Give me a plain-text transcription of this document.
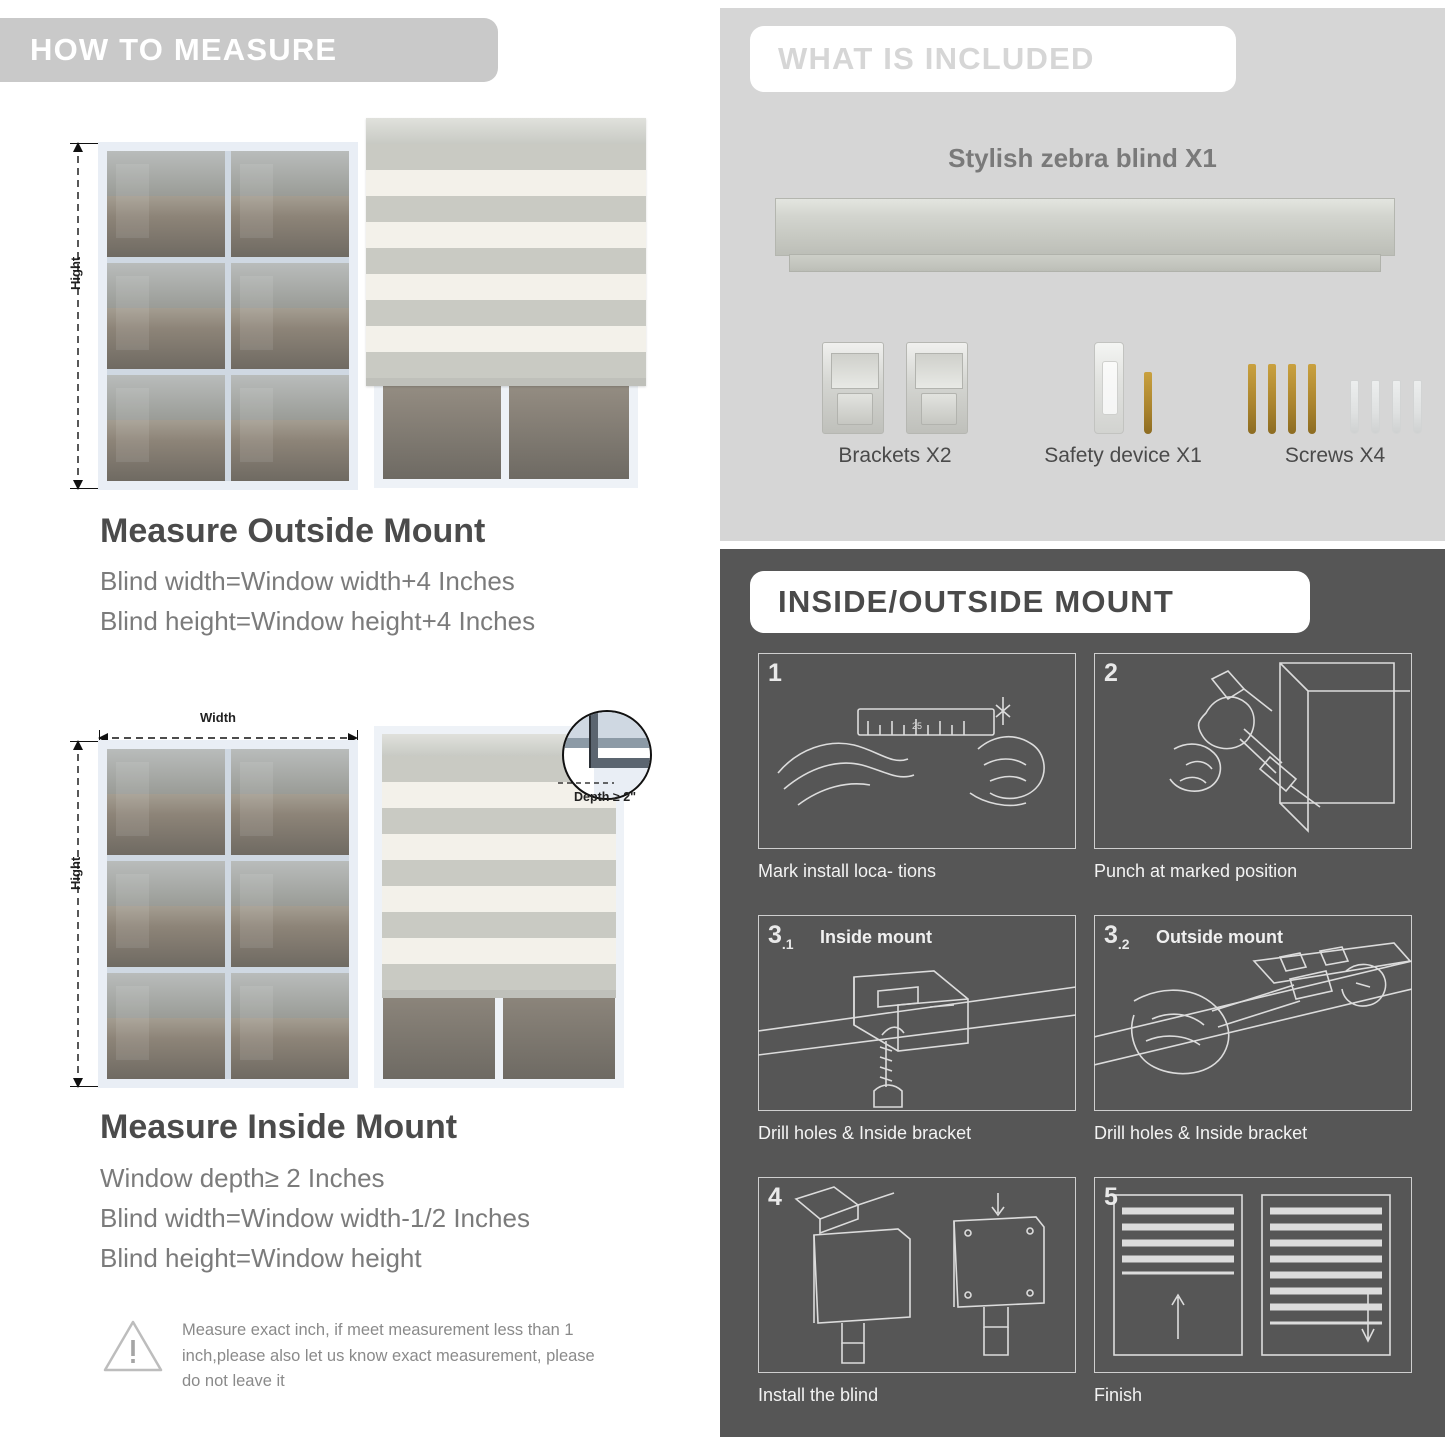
HOW TO MEASURE
Hight
Measure Outside Mount
Blind width=Window width+4 Inches
Blind height=Window height+4 Inches
Width
Hight
Depth ≥ 2"
Measure Inside Mount
Window depth≥ 2 Inches
Blind width=Window width-1/2 Inches
Blind height=Window height

Measure exact inch, if meet measurement less than 1 inch,please also let us know exact measurement, please do not leave it

WHAT IS INCLUDED
Stylish zebra blind X1
Brackets X2	Safety device X1	Screws X4
INSIDE/OUTSIDE MOUNT
25
1
Mark install loca- tions
2
Punch at marked position
$3_{.1}$ Inside mount
Drill holes & Inside bracket
$3_{.2}$ Outside mount
Drill holes & Inside bracket
4
Install the blind
5
Finish
